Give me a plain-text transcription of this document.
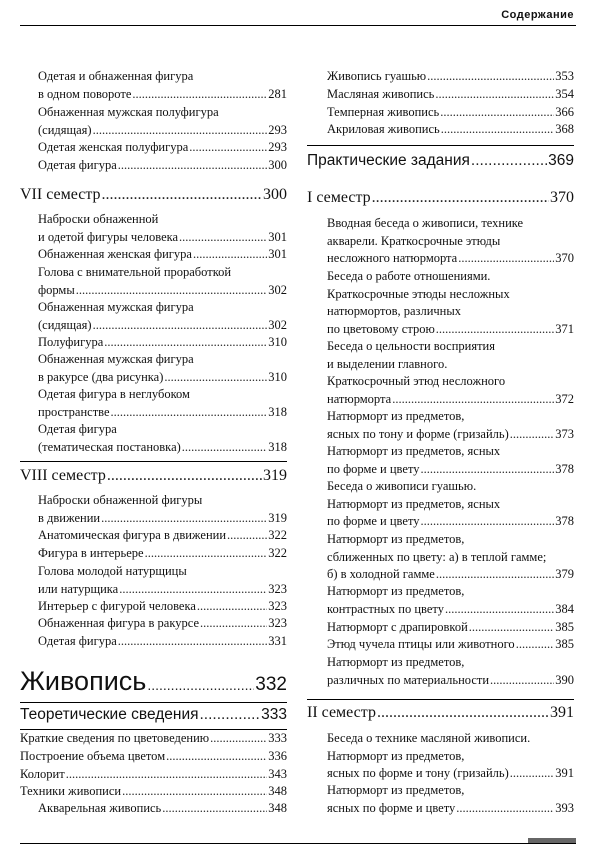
Содержание
Одетая и обнаженная фигура
в одном повороте .....	281
Обнаженная мужская полуфигура
(сидящая) .....	293
Одетая женская полуфигура .....	293
Одетая фигура .....	300
VII семестр .....	300
Наброски обнаженной
и одетой фигуры человека .....	301
Обнаженная женская фигура .....	301
Голова с внимательной проработкой
формы .....	302
Обнаженная мужская фигура
(сидящая) .....	302
Полуфигура .....	310
Обнаженная мужская фигура
в ракурсе (два рисунка) .....	310
Одетая фигура в неглубоком
пространстве .....	318
Одетая фигура
(тематическая постановка) .....	318
VIII семестр .....	319
Наброски обнаженной фигуры
в движении .....	319
Анатомическая фигура в движении .....	322
Фигура в интерьере .....	322
Голова молодой натурщицы
или натурщика .....	323
Интерьер с фигурой человека .....	323
Обнаженная фигура в ракурсе .....	323
Одетая фигура .....	331
Живопись .....	332
Теоретические сведения .....	333
Краткие сведения по цветоведению .....	333
Построение объема цветом .....	336
Колорит .....	343
Техники живописи .....	348
Акварельная живопись .....	348
Живопись гуашью .....	353
Масляная живопись .....	354
Темперная живопись .....	366
Акриловая живопись .....	368
Практические задания .....	369
I семестр .....	370
Вводная беседа о живописи, технике
акварели. Краткосрочные этюды
несложного натюрморта .....	370
Беседа о работе отношениями.
Краткосрочные этюды несложных
натюрмортов, различных
по цветовому строю .....	371
Беседа о цельности восприятия
и выделении главного.
Краткосрочный этюд несложного
натюрморта .....	372
Натюрморт из предметов,
ясных по тону и форме (гризайль) .....	373
Натюрморт из предметов, ясных
по форме и цвету .....	378
Беседа о живописи гуашью.
Натюрморт из предметов, ясных
по форме и цвету .....	378
Натюрморт из предметов,
сближенных по цвету: а) в теплой гамме;
б) в холодной гамме .....	379
Натюрморт из предметов,
контрастных по цвету .....	384
Натюрморт с драпировкой .....	385
Этюд чучела птицы или животного .....	385
Натюрморт из предметов,
различных по материальности .....	390
II семестр .....	391
Беседа о технике масляной живописи.
Натюрморт из предметов,
ясных по форме и тону (гризайль) .....	391
Натюрморт из предметов,
ясных по форме и цвету .....	393
